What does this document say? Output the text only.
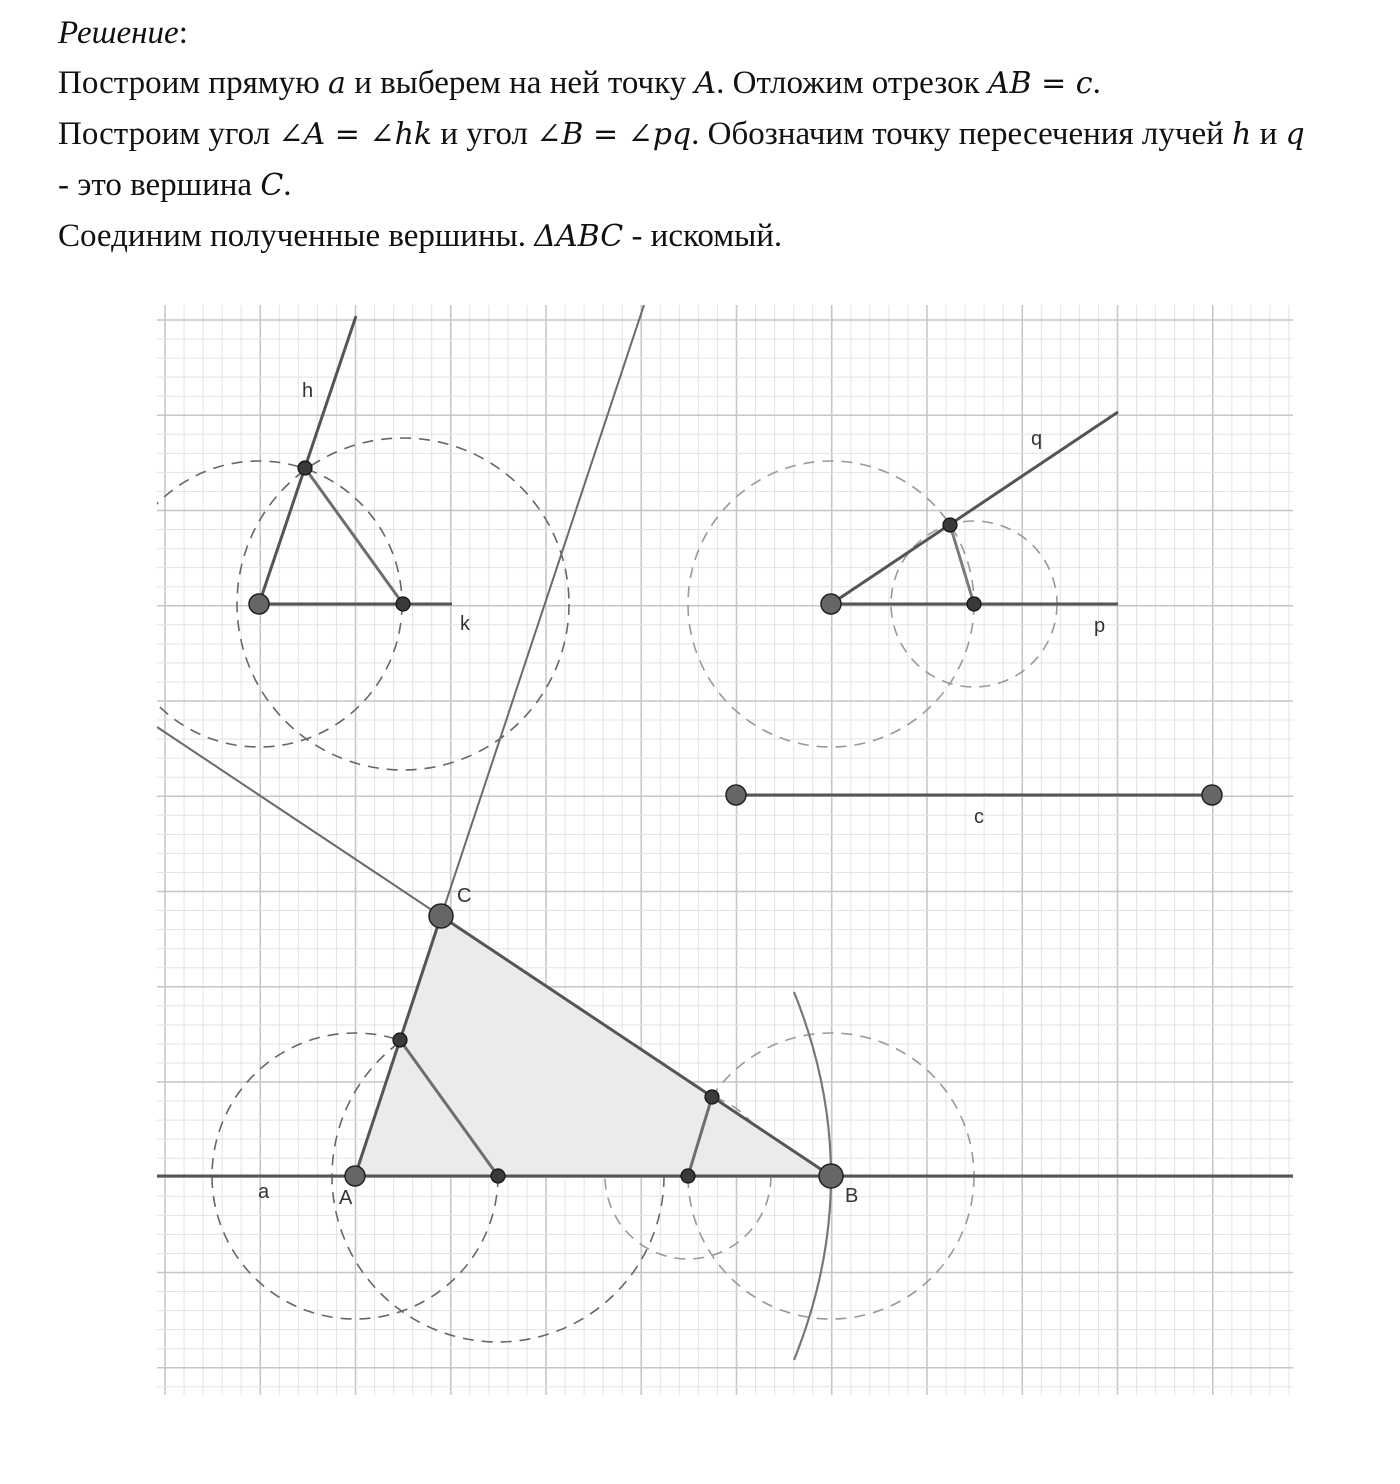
Решение:

Построим прямую a и выберем на ней точку A. Отложим отрезок AB = c.

Построим угол ∠A = ∠hk и угол ∠B = ∠pq. Обозначим точку пересечения лучей h и q

- это вершина C.

Соединим полученные вершины. ΔABC - искомый.

h
k
q
p
c
a	A	B
C
